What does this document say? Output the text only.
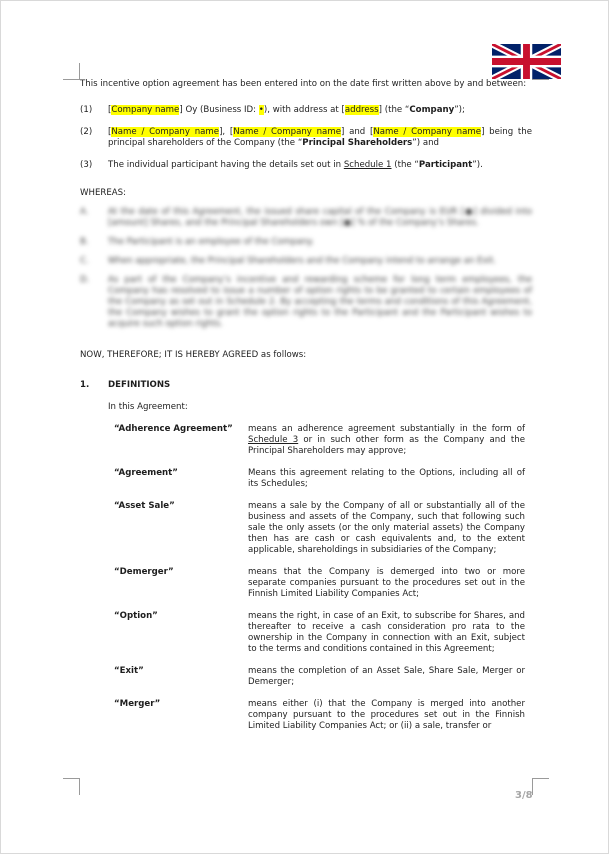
This incentive option agreement has been entered into on the date first written above by and between:

(1) [Company name] Oy (Business ID: •), with address at [address] (the “Company”);

(2) [Name / Company name], [Name / Company name] and [Name / Company name] being the principal shareholders of the Company (the “Principal Shareholders”) and

(3) The individual participant having the details set out in Schedule 1 (the “Participant”).

WHEREAS:

A. At the date of this Agreement, the issued share capital of the Company is EUR [●] divided into [amount] Shares, and the Principal Shareholders own [●] % of the Company’s Shares.

B. The Participant is an employee of the Company.

C. When appropriate, the Principal Shareholders and the Company intend to arrange an Exit.

D. As part of the Company’s incentive and rewarding scheme for long term employees, the Company has resolved to issue a number of option rights to be granted to certain employees of the Company as set out in Schedule 2. By accepting the terms and conditions of this Agreement, the Company wishes to grant the option rights to the Participant and the Participant wishes to acquire such option rights.

NOW, THEREFORE; IT IS HEREBY AGREED as follows:

1. DEFINITIONS

In this Agreement:

“Adherence Agreement”	means an adherence agreement substantially in the form of Schedule 3 or in such other form as the Company and the Principal Shareholders may approve;
“Agreement”	Means this agreement relating to the Options, including all of its Schedules;
“Asset Sale”	means a sale by the Company of all or substantially all of the business and assets of the Company, such that following such sale the only assets (or the only material assets) the Company then has are cash or cash equivalents and, to the extent applicable, shareholdings in subsidiaries of the Company;
“Demerger”	means that the Company is demerged into two or more separate companies pursuant to the procedures set out in the Finnish Limited Liability Companies Act;
“Option”	means the right, in case of an Exit, to subscribe for Shares, and thereafter to receive a cash consideration pro rata to the ownership in the Company in connection with an Exit, subject to the terms and conditions contained in this Agreement;
“Exit”	means the completion of an Asset Sale, Share Sale, Merger or Demerger;
“Merger”	means either (i) that the Company is merged into another company pursuant to the procedures set out in the Finnish Limited Liability Companies Act; or (ii) a sale, transfer or
3/8
